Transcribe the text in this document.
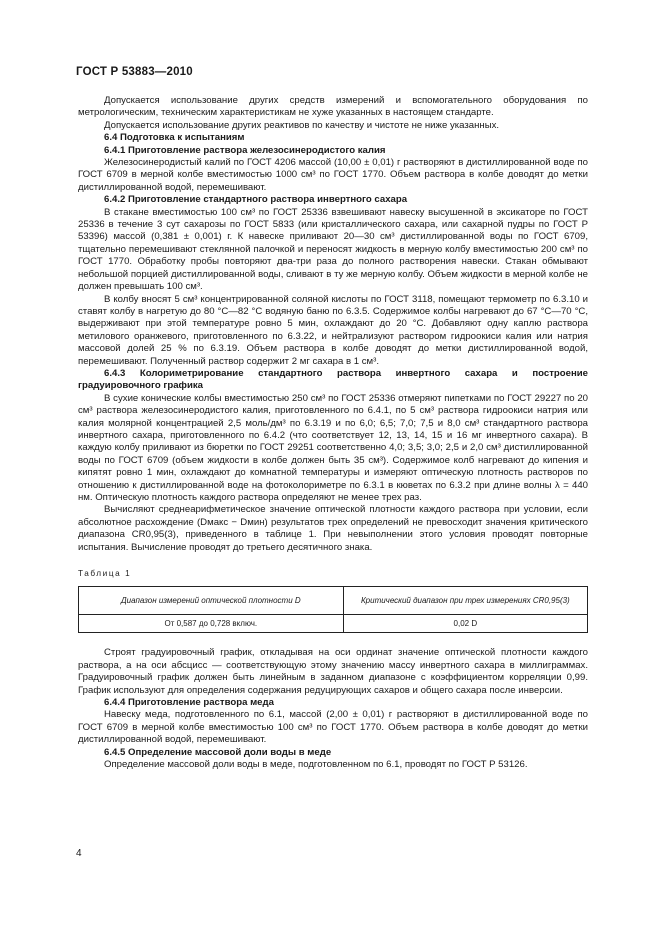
ГОСТ Р 53883—2010

Допускается использование других средств измерений и вспомогательного оборудования по метрологическим, техническим характеристикам не хуже указанных в настоящем стандарте.

Допускается использование других реактивов по качеству и чистоте не ниже указанных.

6.4 Подготовка к испытаниям

6.4.1 Приготовление раствора железосинеродистого калия

Железосинеродистый калий по ГОСТ 4206 массой (10,00 ± 0,01) г растворяют в дистиллированной воде по ГОСТ 6709 в мерной колбе вместимостью 1000 см³ по ГОСТ 1770. Объем раствора в колбе доводят до метки дистиллированной водой, перемешивают.

6.4.2 Приготовление стандартного раствора инвертного сахара

В стакане вместимостью 100 см³ по ГОСТ 25336 взвешивают навеску высушенной в эксикаторе по ГОСТ 25336 в течение 3 сут сахарозы по ГОСТ 5833 (или кристаллического сахара, или сахарной пудры по ГОСТ Р 53396) массой (0,381 ± 0,001) г. К навеске приливают 20—30 см³ дистиллированной воды по ГОСТ 6709, тщательно перемешивают стеклянной палочкой и переносят жидкость в мерную колбу вместимостью 200 см³ по ГОСТ 1770. Обработку пробы повторяют два-три раза до полного растворения навески. Стакан обмывают небольшой порцией дистиллированной воды, сливают в ту же мерную колбу. Объем жидкости в мерной колбе не должен превышать 100 см³.

В колбу вносят 5 см³ концентрированной соляной кислоты по ГОСТ 3118, помещают термометр по 6.3.10 и ставят колбу в нагретую до 80 °С—82 °С водяную баню по 6.3.5. Содержимое колбы нагревают до 67 °С—70 °С, выдерживают при этой температуре ровно 5 мин, охлаждают до 20 °С. Добавляют одну каплю раствора метилового оранжевого, приготовленного по 6.3.22, и нейтрализуют раствором гидроокиси калия или натрия массовой долей 25 % по 6.3.19. Объем раствора в колбе доводят до метки дистиллированной водой, перемешивают. Полученный раствор содержит 2 мг сахара в 1 см³.

6.4.3 Колориметрирование стандартного раствора инвертного сахара и построение градуировочного графика

В сухие конические колбы вместимостью 250 см³ по ГОСТ 25336 отмеряют пипетками по ГОСТ 29227 по 20 см³ раствора железосинеродистого калия, приготовленного по 6.4.1, по 5 см³ раствора гидроокиси натрия или калия молярной концентрацией 2,5 моль/дм³ по 6.3.19 и по 6,0; 6,5; 7,0; 7,5 и 8,0 см³ стандартного раствора инвертного сахара, приготовленного по 6.4.2 (что соответствует 12, 13, 14, 15 и 16 мг инвертного сахара). В каждую колбу приливают из бюретки по ГОСТ 29251 соответственно 4,0; 3,5; 3,0; 2,5 и 2,0 см³ дистиллированной воды по ГОСТ 6709 (объем жидкости в колбе должен быть 35 см³). Содержимое колб нагревают до кипения и кипятят ровно 1 мин, охлаждают до комнатной температуры и измеряют оптическую плотность растворов по отношению к дистиллированной воде на фотоколориметре по 6.3.1 в кюветах по 6.3.2 при длине волны λ = 440 нм. Оптическую плотность каждого раствора определяют не менее трех раз.

Вычисляют среднеарифметическое значение оптической плотности каждого раствора при условии, если абсолютное расхождение (Dмакс − Dмин) результатов трех определений не превосходит значения критического диапазона CR0,95(3), приведенного в таблице 1. При невыполнении этого условия проводят повторные испытания. Вычисление проводят до третьего десятичного знака.

Таблица 1

Диапазон измерений оптической плотности D	Критический диапазон при трех измерениях CR0,95(3)
От 0,587 до 0,728 включ.	0,02 D

Строят градуировочный график, откладывая на оси ординат значение оптической плотности каждого раствора, а на оси абсцисс — соответствующую этому значению массу инвертного сахара в миллиграммах. Градуировочный график должен быть линейным в заданном диапазоне с коэффициентом корреляции 0,99. График используют для определения содержания редуцирующих сахаров и общего сахара после инверсии.

6.4.4 Приготовление раствора меда

Навеску меда, подготовленного по 6.1, массой (2,00 ± 0,01) г растворяют в дистиллированной воде по ГОСТ 6709 в мерной колбе вместимостью 100 см³ по ГОСТ 1770. Объем раствора в колбе доводят до метки дистиллированной водой, перемешивают.

6.4.5 Определение массовой доли воды в меде

Определение массовой доли воды в меде, подготовленном по 6.1, проводят по ГОСТ Р 53126.

4
